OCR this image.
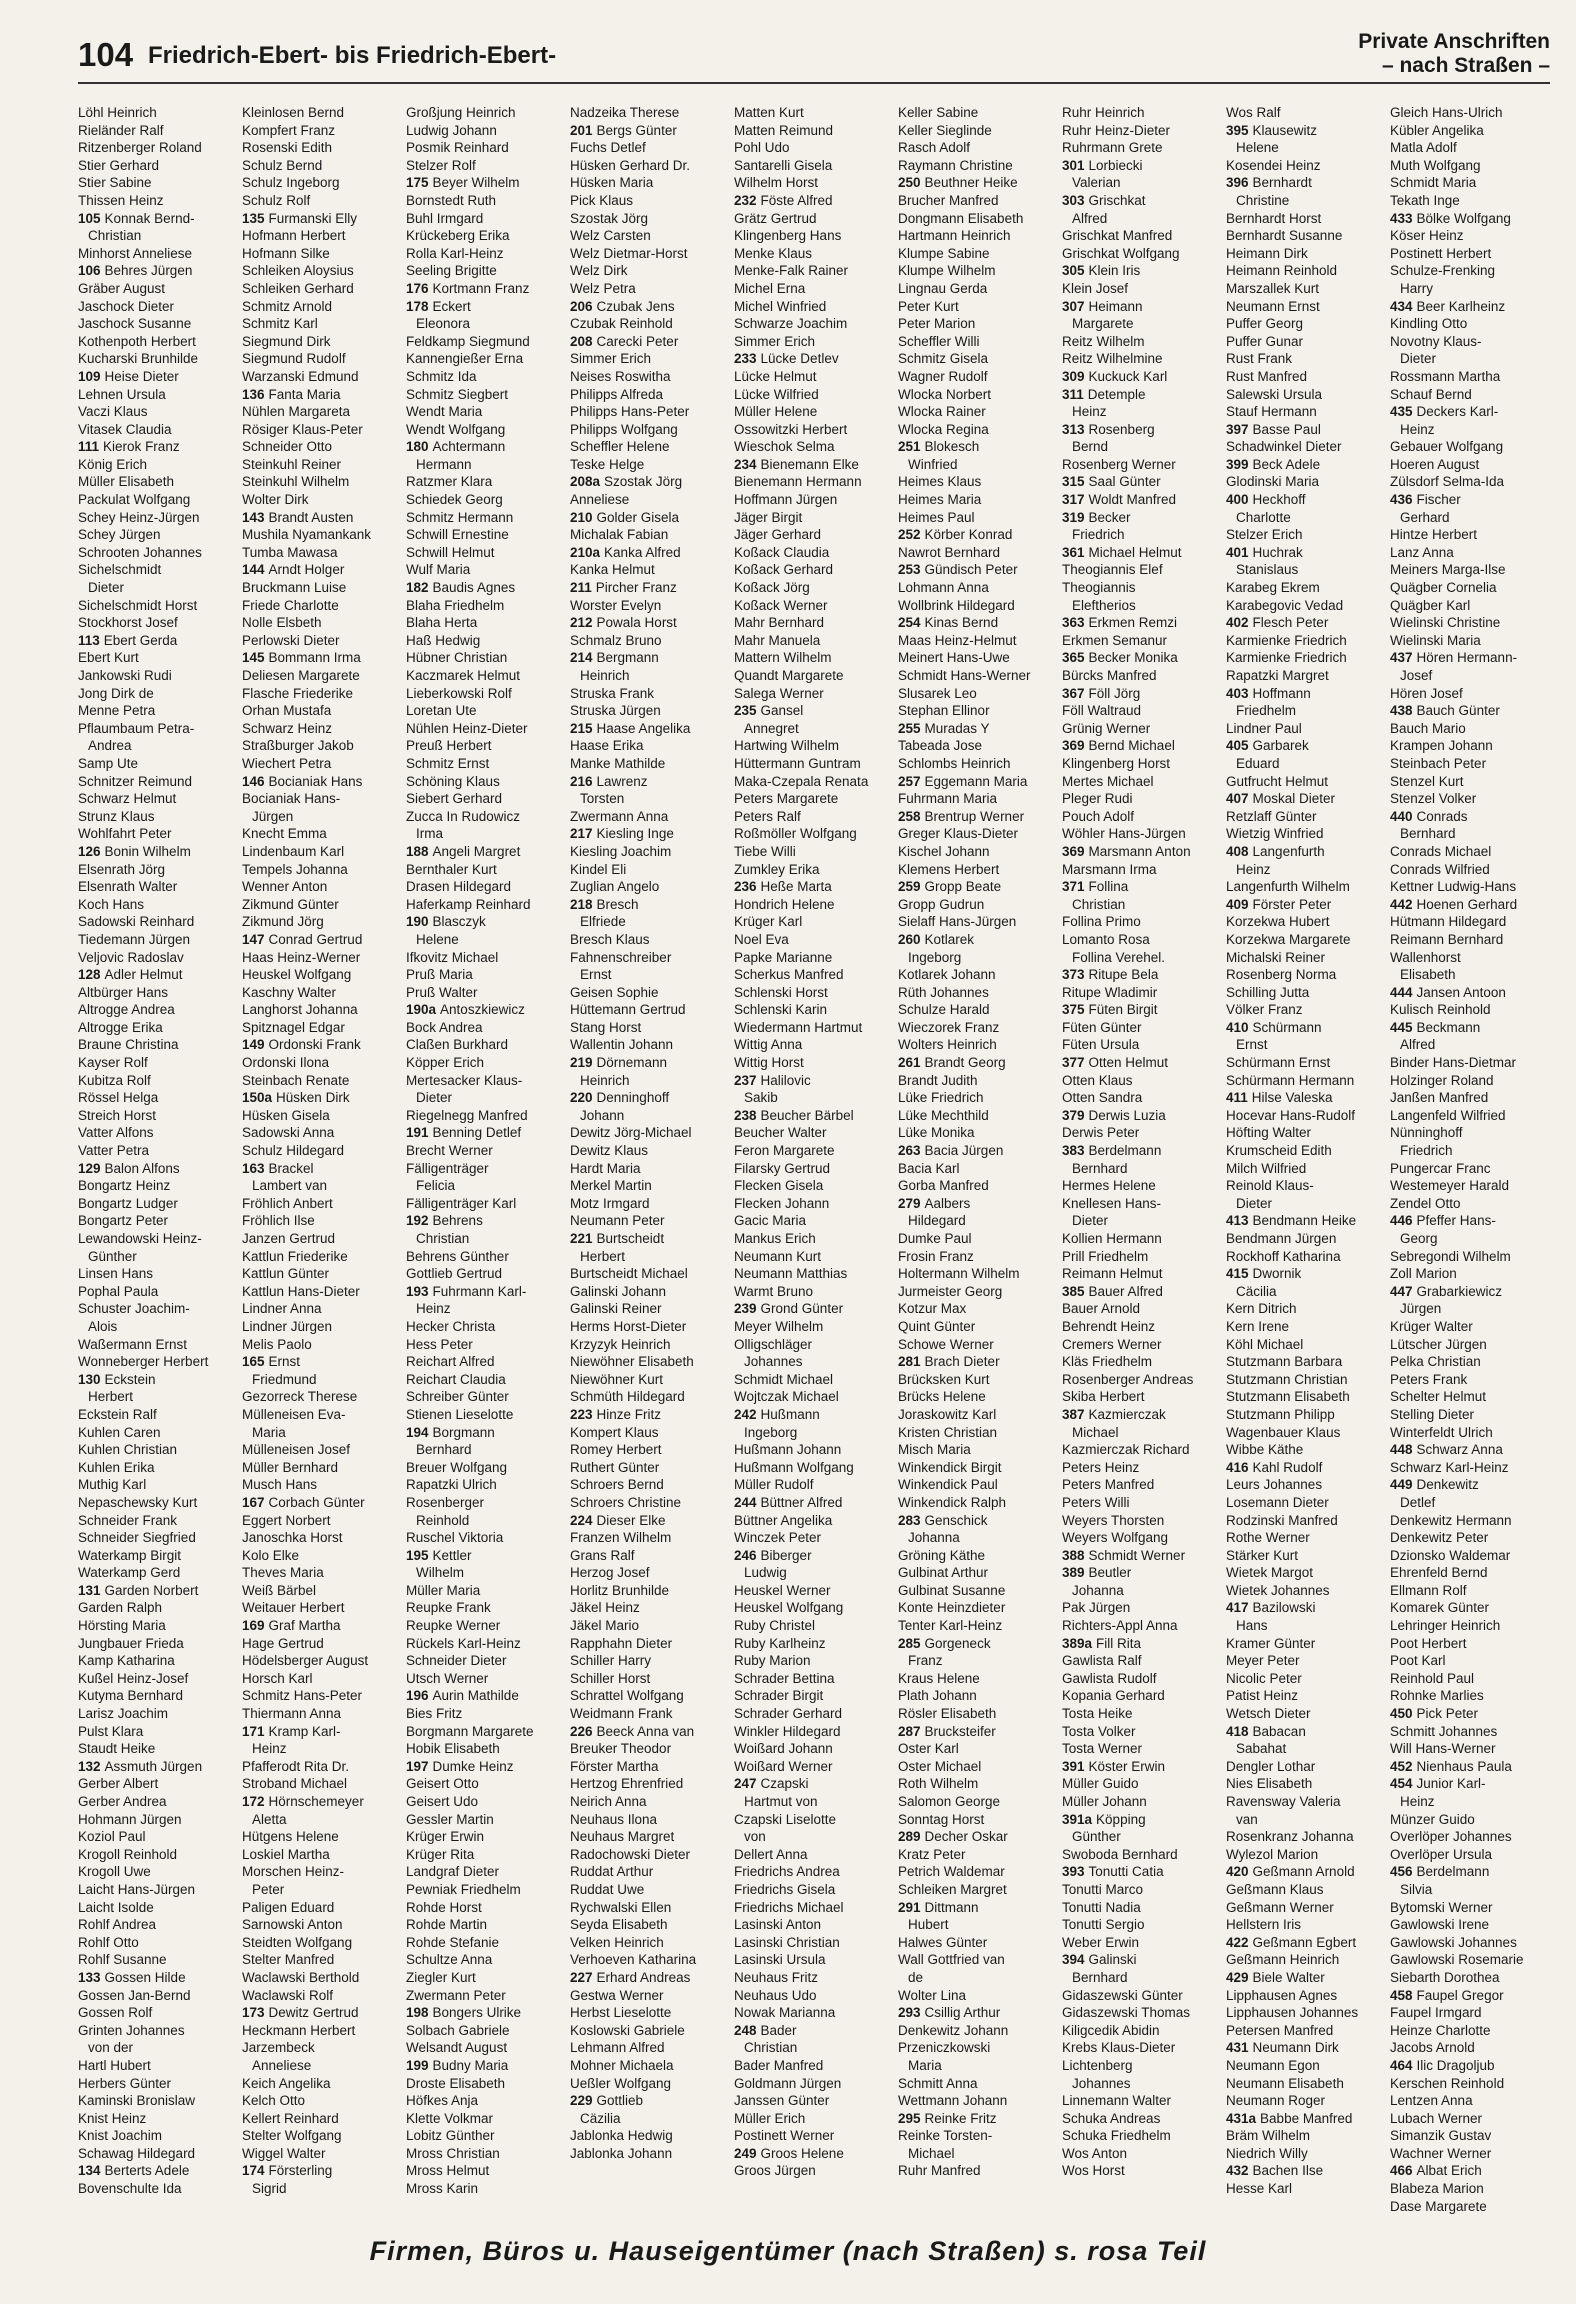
104 Friedrich-Ebert- bis Friedrich-Ebert-
Private Anschriften
– nach Straßen –
Löhl Heinrich
Rieländer Ralf
Ritzenberger Roland
Stier Gerhard
Stier Sabine
Thissen Heinz
105 Konnak Bernd-
Christian
Minhorst Anneliese
106 Behres Jürgen
Gräber August
Jaschock Dieter
Jaschock Susanne
Kothenpoth Herbert
Kucharski Brunhilde
109 Heise Dieter
Lehnen Ursula
Vaczi Klaus
Vitasek Claudia
111 Kierok Franz
König Erich
Müller Elisabeth
Packulat Wolfgang
Schey Heinz-Jürgen
Schey Jürgen
Schrooten Johannes
Sichelschmidt
Dieter
Sichelschmidt Horst
Stockhorst Josef
113 Ebert Gerda
Ebert Kurt
Jankowski Rudi
Jong Dirk de
Menne Petra
Pflaumbaum Petra-
Andrea
Samp Ute
Schnitzer Reimund
Schwarz Helmut
Strunz Klaus
Wohlfahrt Peter
126 Bonin Wilhelm
Elsenrath Jörg
Elsenrath Walter
Koch Hans
Sadowski Reinhard
Tiedemann Jürgen
Veljovic Radoslav
128 Adler Helmut
Altbürger Hans
Altrogge Andrea
Altrogge Erika
Braune Christina
Kayser Rolf
Kubitza Rolf
Rössel Helga
Streich Horst
Vatter Alfons
Vatter Petra
129 Balon Alfons
Bongartz Heinz
Bongartz Ludger
Bongartz Peter
Lewandowski Heinz-
Günther
Linsen Hans
Pophal Paula
Schuster Joachim-
Alois
Waßermann Ernst
Wonneberger Herbert
130 Eckstein
Herbert
Eckstein Ralf
Kuhlen Caren
Kuhlen Christian
Kuhlen Erika
Muthig Karl
Nepaschewsky Kurt
Schneider Frank
Schneider Siegfried
Waterkamp Birgit
Waterkamp Gerd
131 Garden Norbert
Garden Ralph
Hörsting Maria
Jungbauer Frieda
Kamp Katharina
Kußel Heinz-Josef
Kutyma Bernhard
Larisz Joachim
Pulst Klara
Staudt Heike
132 Assmuth Jürgen
Gerber Albert
Gerber Andrea
Hohmann Jürgen
Koziol Paul
Krogoll Reinhold
Krogoll Uwe
Laicht Hans-Jürgen
Laicht Isolde
Rohlf Andrea
Rohlf Otto
Rohlf Susanne
133 Gossen Hilde
Gossen Jan-Bernd
Gossen Rolf
Grinten Johannes
von der
Hartl Hubert
Herbers Günter
Kaminski Bronislaw
Knist Heinz
Knist Joachim
Schawag Hildegard
134 Berterts Adele
Bovenschulte Ida
Kleinlosen Bernd
Kompfert Franz
Rosenski Edith
Schulz Bernd
Schulz Ingeborg
Schulz Rolf
135 Furmanski Elly
Hofmann Herbert
Hofmann Silke
Schleiken Aloysius
Schleiken Gerhard
Schmitz Arnold
Schmitz Karl
Siegmund Dirk
Siegmund Rudolf
Warzanski Edmund
136 Fanta Maria
Nühlen Margareta
Rösiger Klaus-Peter
Schneider Otto
Steinkuhl Reiner
Steinkuhl Wilhelm
Wolter Dirk
143 Brandt Austen
Mushila Nyamankank
Tumba Mawasa
144 Arndt Holger
Bruckmann Luise
Friede Charlotte
Nolle Elsbeth
Perlowski Dieter
145 Bommann Irma
Deliesen Margarete
Flasche Friederike
Orhan Mustafa
Schwarz Heinz
Straßburger Jakob
Wiechert Petra
146 Bocianiak Hans
Bocianiak Hans-
Jürgen
Knecht Emma
Lindenbaum Karl
Tempels Johanna
Wenner Anton
Zikmund Günter
Zikmund Jörg
147 Conrad Gertrud
Haas Heinz-Werner
Heuskel Wolfgang
Kaschny Walter
Langhorst Johanna
Spitznagel Edgar
149 Ordonski Frank
Ordonski Ilona
Steinbach Renate
150a Hüsken Dirk
Hüsken Gisela
Sadowski Anna
Schulz Hildegard
163 Brackel
Lambert van
Fröhlich Anbert
Fröhlich Ilse
Janzen Gertrud
Kattlun Friederike
Kattlun Günter
Kattlun Hans-Dieter
Lindner Anna
Lindner Jürgen
Melis Paolo
165 Ernst
Friedmund
Gezorreck Therese
Mülleneisen Eva-
Maria
Mülleneisen Josef
Müller Bernhard
Musch Hans
167 Corbach Günter
Eggert Norbert
Janoschka Horst
Kolo Elke
Theves Maria
Weiß Bärbel
Weitauer Herbert
169 Graf Martha
Hage Gertrud
Hödelsberger August
Horsch Karl
Schmitz Hans-Peter
Thiermann Anna
171 Kramp Karl-
Heinz
Pfafferodt Rita Dr.
Stroband Michael
172 Hörnschemeyer
Aletta
Hütgens Helene
Loskiel Martha
Morschen Heinz-
Peter
Paligen Eduard
Sarnowski Anton
Steidten Wolfgang
Stelter Manfred
Waclawski Berthold
Waclawski Rolf
173 Dewitz Gertrud
Heckmann Herbert
Jarzembeck
Anneliese
Keich Angelika
Kelch Otto
Kellert Reinhard
Stelter Wolfgang
Wiggel Walter
174 Försterling
Sigrid
Großjung Heinrich
Ludwig Johann
Posmik Reinhard
Stelzer Rolf
175 Beyer Wilhelm
Bornstedt Ruth
Buhl Irmgard
Krückeberg Erika
Rolla Karl-Heinz
Seeling Brigitte
176 Kortmann Franz
178 Eckert
Eleonora
Feldkamp Siegmund
Kannengießer Erna
Schmitz Ida
Schmitz Siegbert
Wendt Maria
Wendt Wolfgang
180 Achtermann
Hermann
Ratzmer Klara
Schiedek Georg
Schmitz Hermann
Schwill Ernestine
Schwill Helmut
Wulf Maria
182 Baudis Agnes
Blaha Friedhelm
Blaha Herta
Haß Hedwig
Hübner Christian
Kaczmarek Helmut
Lieberkowski Rolf
Loretan Ute
Nühlen Heinz-Dieter
Preuß Herbert
Schmitz Ernst
Schöning Klaus
Siebert Gerhard
Zucca In Rudowicz
Irma
188 Angeli Margret
Bernthaler Kurt
Drasen Hildegard
Haferkamp Reinhard
190 Blasczyk
Helene
Ifkovitz Michael
Pruß Maria
Pruß Walter
190a Antoszkiewicz
Bock Andrea
Claßen Burkhard
Köpper Erich
Mertesacker Klaus-
Dieter
Riegelnegg Manfred
191 Benning Detlef
Brecht Werner
Fälligenträger
Felicia
Fälligenträger Karl
192 Behrens
Christian
Behrens Günther
Gottlieb Gertrud
193 Fuhrmann Karl-
Heinz
Hecker Christa
Hess Peter
Reichart Alfred
Reichart Claudia
Schreiber Günter
Stienen Lieselotte
194 Borgmann
Bernhard
Breuer Wolfgang
Rapatzki Ulrich
Rosenberger
Reinhold
Ruschel Viktoria
195 Kettler
Wilhelm
Müller Maria
Reupke Frank
Reupke Werner
Rückels Karl-Heinz
Schneider Dieter
Utsch Werner
196 Aurin Mathilde
Bies Fritz
Borgmann Margarete
Hobik Elisabeth
197 Dumke Heinz
Geisert Otto
Geisert Udo
Gessler Martin
Krüger Erwin
Krüger Rita
Landgraf Dieter
Pewniak Friedhelm
Rohde Horst
Rohde Martin
Rohde Stefanie
Schultze Anna
Ziegler Kurt
Zwermann Peter
198 Bongers Ulrike
Solbach Gabriele
Welsandt August
199 Budny Maria
Droste Elisabeth
Höfkes Anja
Klette Volkmar
Lobitz Günther
Mross Christian
Mross Helmut
Mross Karin
Nadzeika Therese
201 Bergs Günter
Fuchs Detlef
Hüsken Gerhard Dr.
Hüsken Maria
Pick Klaus
Szostak Jörg
Welz Carsten
Welz Dietmar-Horst
Welz Dirk
Welz Petra
206 Czubak Jens
Czubak Reinhold
208 Carecki Peter
Simmer Erich
Neises Roswitha
Philipps Alfreda
Philipps Hans-Peter
Philipps Wolfgang
Scheffler Helene
Teske Helge
208a Szostak Jörg
Anneliese
210 Golder Gisela
Michalak Fabian
210a Kanka Alfred
Kanka Helmut
211 Pircher Franz
Worster Evelyn
212 Powala Horst
Schmalz Bruno
214 Bergmann
Heinrich
Struska Frank
Struska Jürgen
215 Haase Angelika
Haase Erika
Manke Mathilde
216 Lawrenz
Torsten
Zwermann Anna
217 Kiesling Inge
Kiesling Joachim
Kindel Eli
Zuglian Angelo
218 Bresch
Elfriede
Bresch Klaus
Fahnenschreiber
Ernst
Geisen Sophie
Hüttemann Gertrud
Stang Horst
Wallentin Johann
219 Dörnemann
Heinrich
220 Denninghoff
Johann
Dewitz Jörg-Michael
Dewitz Klaus
Hardt Maria
Merkel Martin
Motz Irmgard
Neumann Peter
221 Burtscheidt
Herbert
Burtscheidt Michael
Galinski Johann
Galinski Reiner
Herms Horst-Dieter
Krzyzyk Heinrich
Niewöhner Elisabeth
Niewöhner Kurt
Schmüth Hildegard
223 Hinze Fritz
Kompert Klaus
Romey Herbert
Ruthert Günter
Schroers Bernd
Schroers Christine
224 Dieser Elke
Franzen Wilhelm
Grans Ralf
Herzog Josef
Horlitz Brunhilde
Jäkel Heinz
Jäkel Mario
Rapphahn Dieter
Schiller Harry
Schiller Horst
Schrattel Wolfgang
Weidmann Frank
226 Beeck Anna van
Breuker Theodor
Förster Martha
Hertzog Ehrenfried
Neirich Anna
Neuhaus Ilona
Neuhaus Margret
Radochowski Dieter
Ruddat Arthur
Ruddat Uwe
Rychwalski Ellen
Seyda Elisabeth
Velken Heinrich
Verhoeven Katharina
227 Erhard Andreas
Gestwa Werner
Herbst Lieselotte
Koslowski Gabriele
Lehmann Alfred
Mohner Michaela
Ueßler Wolfgang
229 Gottlieb
Cäzilia
Jablonka Hedwig
Jablonka Johann
Matten Kurt
Matten Reimund
Pohl Udo
Santarelli Gisela
Wilhelm Horst
232 Föste Alfred
Grätz Gertrud
Klingenberg Hans
Menke Klaus
Menke-Falk Rainer
Michel Erna
Michel Winfried
Schwarze Joachim
Simmer Erich
233 Lücke Detlev
Lücke Helmut
Lücke Wilfried
Müller Helene
Ossowitzki Herbert
Wieschok Selma
234 Bienemann Elke
Bienemann Hermann
Hoffmann Jürgen
Jäger Birgit
Jäger Gerhard
Koßack Claudia
Koßack Gerhard
Koßack Jörg
Koßack Werner
Mahr Bernhard
Mahr Manuela
Mattern Wilhelm
Quandt Margarete
Salega Werner
235 Gansel
Annegret
Hartwing Wilhelm
Hüttermann Guntram
Maka-Czepala Renata
Peters Margarete
Peters Ralf
Roßmöller Wolfgang
Tiebe Willi
Zumkley Erika
236 Heße Marta
Hondrich Helene
Krüger Karl
Noel Eva
Papke Marianne
Scherkus Manfred
Schlenski Horst
Schlenski Karin
Wiedermann Hartmut
Wittig Anna
Wittig Horst
237 Halilovic
Sakib
238 Beucher Bärbel
Beucher Walter
Feron Margarete
Filarsky Gertrud
Flecken Gisela
Flecken Johann
Gacic Maria
Mankus Erich
Neumann Kurt
Neumann Matthias
Warmt Bruno
239 Grond Günter
Meyer Wilhelm
Olligschläger
Johannes
Schmidt Michael
Wojtczak Michael
242 Hußmann
Ingeborg
Hußmann Johann
Hußmann Wolfgang
Müller Rudolf
244 Büttner Alfred
Büttner Angelika
Winczek Peter
246 Biberger
Ludwig
Heuskel Werner
Heuskel Wolfgang
Ruby Christel
Ruby Karlheinz
Ruby Marion
Schrader Bettina
Schrader Birgit
Schrader Gerhard
Winkler Hildegard
Woißard Johann
Woißard Werner
247 Czapski
Hartmut von
Czapski Liselotte
von
Dellert Anna
Friedrichs Andrea
Friedrichs Gisela
Friedrichs Michael
Lasinski Anton
Lasinski Christian
Lasinski Ursula
Neuhaus Fritz
Neuhaus Udo
Nowak Marianna
248 Bader
Christian
Bader Manfred
Goldmann Jürgen
Janssen Günter
Müller Erich
Postinett Werner
249 Groos Helene
Groos Jürgen
Keller Sabine
Keller Sieglinde
Rasch Adolf
Raymann Christine
250 Beuthner Heike
Brucher Manfred
Dongmann Elisabeth
Hartmann Heinrich
Klumpe Sabine
Klumpe Wilhelm
Lingnau Gerda
Peter Kurt
Peter Marion
Scheffler Willi
Schmitz Gisela
Wagner Rudolf
Wlocka Norbert
Wlocka Rainer
Wlocka Regina
251 Blokesch
Winfried
Heimes Klaus
Heimes Maria
Heimes Paul
252 Körber Konrad
Nawrot Bernhard
253 Gündisch Peter
Lohmann Anna
Wollbrink Hildegard
254 Kinas Bernd
Maas Heinz-Helmut
Meinert Hans-Uwe
Schmidt Hans-Werner
Slusarek Leo
Stephan Ellinor
255 Muradas Y
Tabeada Jose
Schlombs Heinrich
257 Eggemann Maria
Fuhrmann Maria
258 Brentrup Werner
Greger Klaus-Dieter
Kischel Johann
Klemens Herbert
259 Gropp Beate
Gropp Gudrun
Sielaff Hans-Jürgen
260 Kotlarek
Ingeborg
Kotlarek Johann
Rüth Johannes
Schulze Harald
Wieczorek Franz
Wolters Heinrich
261 Brandt Georg
Brandt Judith
Lüke Friedrich
Lüke Mechthild
Lüke Monika
263 Bacia Jürgen
Bacia Karl
Gorba Manfred
279 Aalbers
Hildegard
Dumke Paul
Frosin Franz
Holtermann Wilhelm
Jurmeister Georg
Kotzur Max
Quint Günter
Schowe Werner
281 Brach Dieter
Brücksken Kurt
Brücks Helene
Joraskowitz Karl
Kristen Christian
Misch Maria
Winkendick Birgit
Winkendick Paul
Winkendick Ralph
283 Genschick
Johanna
Gröning Käthe
Gulbinat Arthur
Gulbinat Susanne
Konte Heinzdieter
Tenter Karl-Heinz
285 Gorgeneck
Franz
Kraus Helene
Plath Johann
Rösler Elisabeth
287 Brucksteifer
Oster Karl
Oster Michael
Roth Wilhelm
Salomon George
Sonntag Horst
289 Decher Oskar
Kratz Peter
Petrich Waldemar
Schleiken Margret
291 Dittmann
Hubert
Halwes Günter
Wall Gottfried van
de
Wolter Lina
293 Csillig Arthur
Denkewitz Johann
Przeniczkowski
Maria
Schmitt Anna
Wettmann Johann
295 Reinke Fritz
Reinke Torsten-
Michael
Ruhr Manfred
Ruhr Heinrich
Ruhr Heinz-Dieter
Ruhrmann Grete
301 Lorbiecki
Valerian
303 Grischkat
Alfred
Grischkat Manfred
Grischkat Wolfgang
305 Klein Iris
Klein Josef
307 Heimann
Margarete
Reitz Wilhelm
Reitz Wilhelmine
309 Kuckuck Karl
311 Detemple
Heinz
313 Rosenberg
Bernd
Rosenberg Werner
315 Saal Günter
317 Woldt Manfred
319 Becker
Friedrich
361 Michael Helmut
Theogiannis Elef
Theogiannis
Eleftherios
363 Erkmen Remzi
Erkmen Semanur
365 Becker Monika
Bürcks Manfred
367 Föll Jörg
Föll Waltraud
Grünig Werner
369 Bernd Michael
Klingenberg Horst
Mertes Michael
Pleger Rudi
Pouch Adolf
Wöhler Hans-Jürgen
369 Marsmann Anton
Marsmann Irma
371 Follina
Christian
Follina Primo
Lomanto Rosa
Follina Verehel.
373 Ritupe Bela
Ritupe Wladimir
375 Füten Birgit
Füten Günter
Füten Ursula
377 Otten Helmut
Otten Klaus
Otten Sandra
379 Derwis Luzia
Derwis Peter
383 Berdelmann
Bernhard
Hermes Helene
Knellesen Hans-
Dieter
Kollien Hermann
Prill Friedhelm
Reimann Helmut
385 Bauer Alfred
Bauer Arnold
Behrendt Heinz
Cremers Werner
Kläs Friedhelm
Rosenberger Andreas
Skiba Herbert
387 Kazmierczak
Michael
Kazmierczak Richard
Peters Heinz
Peters Manfred
Peters Willi
Weyers Thorsten
Weyers Wolfgang
388 Schmidt Werner
389 Beutler
Johanna
Pak Jürgen
Richters-Appl Anna
389a Fill Rita
Gawlista Ralf
Gawlista Rudolf
Kopania Gerhard
Tosta Heike
Tosta Volker
Tosta Werner
391 Köster Erwin
Müller Guido
Müller Johann
391a Köpping
Günther
Swoboda Bernhard
393 Tonutti Catia
Tonutti Marco
Tonutti Nadia
Tonutti Sergio
Weber Erwin
394 Galinski
Bernhard
Gidaszewski Günter
Gidaszewski Thomas
Kiligcedik Abidin
Krebs Klaus-Dieter
Lichtenberg
Johannes
Linnemann Walter
Schuka Andreas
Schuka Friedhelm
Wos Anton
Wos Horst
Wos Ralf
395 Klausewitz
Helene
Kosendei Heinz
396 Bernhardt
Christine
Bernhardt Horst
Bernhardt Susanne
Heimann Dirk
Heimann Reinhold
Marszallek Kurt
Neumann Ernst
Puffer Georg
Puffer Gunar
Rust Frank
Rust Manfred
Salewski Ursula
Stauf Hermann
397 Basse Paul
Schadwinkel Dieter
399 Beck Adele
Glodinski Maria
400 Heckhoff
Charlotte
Stelzer Erich
401 Huchrak
Stanislaus
Karabeg Ekrem
Karabegovic Vedad
402 Flesch Peter
Karmienke Friedrich
Karmienke Friedrich
Rapatzki Margret
403 Hoffmann
Friedhelm
Lindner Paul
405 Garbarek
Eduard
Gutfrucht Helmut
407 Moskal Dieter
Retzlaff Günter
Wietzig Winfried
408 Langenfurth
Heinz
Langenfurth Wilhelm
409 Förster Peter
Korzekwa Hubert
Korzekwa Margarete
Michalski Reiner
Rosenberg Norma
Schilling Jutta
Völker Franz
410 Schürmann
Ernst
Schürmann Ernst
Schürmann Hermann
411 Hilse Valeska
Hocevar Hans-Rudolf
Höfting Walter
Krumscheid Edith
Milch Wilfried
Reinold Klaus-
Dieter
413 Bendmann Heike
Bendmann Jürgen
Rockhoff Katharina
415 Dwornik
Cäcilia
Kern Ditrich
Kern Irene
Köhl Michael
Stutzmann Barbara
Stutzmann Christian
Stutzmann Elisabeth
Stutzmann Philipp
Wagenbauer Klaus
Wibbe Käthe
416 Kahl Rudolf
Leurs Johannes
Losemann Dieter
Rodzinski Manfred
Rothe Werner
Stärker Kurt
Wietek Margot
Wietek Johannes
417 Bazilowski
Hans
Kramer Günter
Meyer Peter
Nicolic Peter
Patist Heinz
Wetsch Dieter
418 Babacan
Sabahat
Dengler Lothar
Nies Elisabeth
Ravensway Valeria
van
Rosenkranz Johanna
Wylezol Marion
420 Geßmann Arnold
Geßmann Klaus
Geßmann Werner
Hellstern Iris
422 Geßmann Egbert
Geßmann Heinrich
429 Biele Walter
Lipphausen Agnes
Lipphausen Johannes
Petersen Manfred
431 Neumann Dirk
Neumann Egon
Neumann Elisabeth
Neumann Roger
431a Babbe Manfred
Bräm Wilhelm
Niedrich Willy
432 Bachen Ilse
Hesse Karl
Gleich Hans-Ulrich
Kübler Angelika
Matla Adolf
Muth Wolfgang
Schmidt Maria
Tekath Inge
433 Bölke Wolfgang
Köser Heinz
Postinett Herbert
Schulze-Frenking
Harry
434 Beer Karlheinz
Kindling Otto
Novotny Klaus-
Dieter
Rossmann Martha
Schauf Bernd
435 Deckers Karl-
Heinz
Gebauer Wolfgang
Hoeren August
Zülsdorf Selma-Ida
436 Fischer
Gerhard
Hintze Herbert
Lanz Anna
Meiners Marga-Ilse
Quägber Cornelia
Quägber Karl
Wielinski Christine
Wielinski Maria
437 Hören Hermann-
Josef
Hören Josef
438 Bauch Günter
Bauch Mario
Krampen Johann
Steinbach Peter
Stenzel Kurt
Stenzel Volker
440 Conrads
Bernhard
Conrads Michael
Conrads Wilfried
Kettner Ludwig-Hans
442 Hoenen Gerhard
Hütmann Hildegard
Reimann Bernhard
Wallenhorst
Elisabeth
444 Jansen Antoon
Kulisch Reinhold
445 Beckmann
Alfred
Binder Hans-Dietmar
Holzinger Roland
Janßen Manfred
Langenfeld Wilfried
Nünninghoff
Friedrich
Pungercar Franc
Westemeyer Harald
Zendel Otto
446 Pfeffer Hans-
Georg
Sebregondi Wilhelm
Zoll Marion
447 Grabarkiewicz
Jürgen
Krüger Walter
Lütscher Jürgen
Pelka Christian
Peters Frank
Schelter Helmut
Stelling Dieter
Winterfeldt Ulrich
448 Schwarz Anna
Schwarz Karl-Heinz
449 Denkewitz
Detlef
Denkewitz Hermann
Denkewitz Peter
Dzionsko Waldemar
Ehrenfeld Bernd
Ellmann Rolf
Komarek Günter
Lehringer Heinrich
Poot Herbert
Poot Karl
Reinhold Paul
Rohnke Marlies
450 Pick Peter
Schmitt Johannes
Will Hans-Werner
452 Nienhaus Paula
454 Junior Karl-
Heinz
Münzer Guido
Overlöper Johannes
Overlöper Ursula
456 Berdelmann
Silvia
Bytomski Werner
Gawlowski Irene
Gawlowski Johannes
Gawlowski Rosemarie
Siebarth Dorothea
458 Faupel Gregor
Faupel Irmgard
Heinze Charlotte
Jacobs Arnold
464 Ilic Dragoljub
Kerschen Reinhold
Lentzen Anna
Lubach Werner
Simanzik Gustav
Wachner Werner
466 Albat Erich
Blabeza Marion
Dase Margarete
Firmen, Büros u. Hauseigentümer (nach Straßen) s. rosa Teil
